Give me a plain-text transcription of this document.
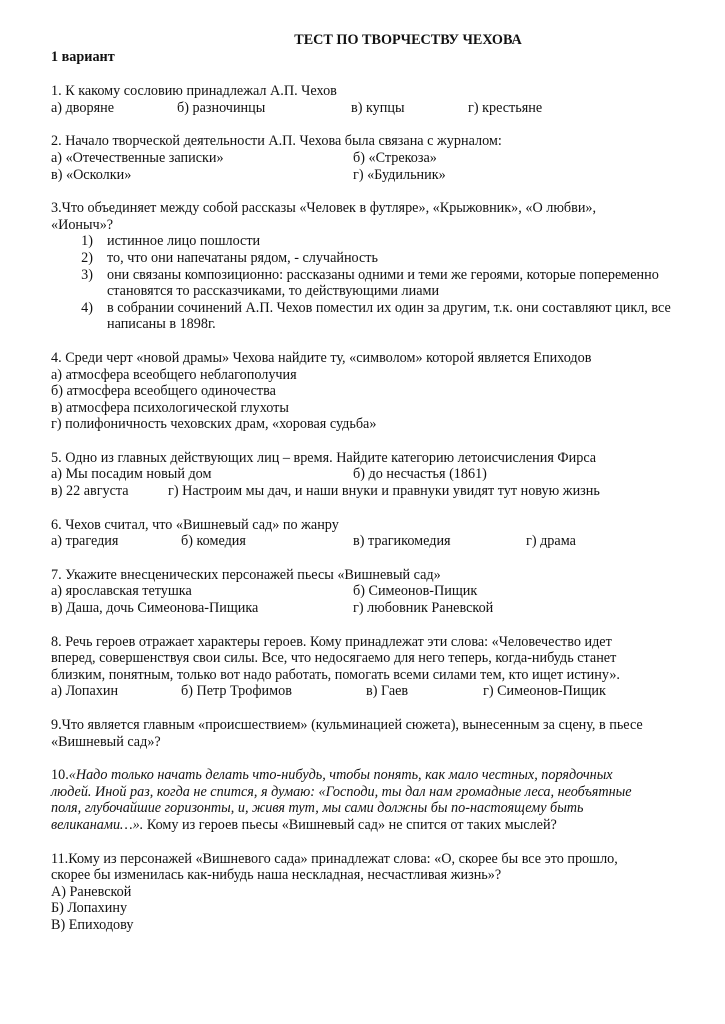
ТЕСТ ПО ТВОРЧЕСТВУ ЧЕХОВА

1 вариант

1. К какому сословию принадлежал А.П. Чехов

а) дворяне	б) разночинцы	в) купцы	г) крестьяне

2. Начало творческой деятельности А.П. Чехова была связана с журналом:

а) «Отечественные записки»	б) «Стрекоза»
в) «Осколки»	г) «Будильник»

3.Что объединяет между собой рассказы «Человек в футляре», «Крыжовник», «О любви»,

«Ионыч»?

1) истинное лицо пошлости
2) то, что они напечатаны рядом, - случайность
3) они связаны композиционно: рассказаны одними и теми же героями, которые попеременно становятся то рассказчиками, то действующими лиами
4) в собрании сочинений А.П. Чехов поместил их один за другим, т.к. они составляют цикл, все написаны в 1898г.

4. Среди черт «новой драмы» Чехова найдите ту, «символом» которой является Епиходов

а) атмосфера всеобщего неблагополучия

б) атмосфера всеобщего одиночества

в) атмосфера психологической глухоты

г) полифоничность чеховских драм, «хоровая судьба»

5. Одно из главных действующих лиц – время. Найдите категорию летоисчисления Фирса

а) Мы посадим новый дом	б) до несчастья (1861)
в) 22 августа	г) Настроим мы дач, и наши внуки и правнуки увидят тут новую жизнь

6. Чехов считал, что «Вишневый сад» по жанру

а) трагедия	б) комедия	в) трагикомедия	г) драма

7. Укажите внесценических персонажей пьесы «Вишневый сад»

а) ярославская тетушка	б) Симеонов-Пищик
в) Даша, дочь Симеонова-Пищика	г) любовник Раневской

8. Речь героев отражает характеры героев. Кому принадлежат эти слова: «Человечество идет

вперед, совершенствуя свои силы. Все, что недосягаемо для него теперь, когда-нибудь станет

близким, понятным, только вот надо работать, помогать всеми силами тем, кто ищет истину».

а) Лопахин	б) Петр Трофимов	в) Гаев	г) Симеонов-Пищик

9.Что является главным «происшествием» (кульминацией сюжета), вынесенным за сцену, в пьесе

«Вишневый сад»?

10.«Надо только начать делать что-нибудь, чтобы понять, как мало честных, порядочных

людей. Иной раз, когда не спится, я думаю: «Господи, ты дал нам громадные леса, необъятные

поля, глубочайшие горизонты, и, живя тут, мы сами должны бы по-настоящему быть

великанами…». Кому из героев пьесы «Вишневый сад» не спится от таких мыслей?

11.Кому из персонажей «Вишневого сада» принадлежат слова: «О, скорее бы все это прошло,

скорее бы изменилась как-нибудь наша нескладная, несчастливая жизнь»?

А) Раневской

Б) Лопахину

В) Епиходову
